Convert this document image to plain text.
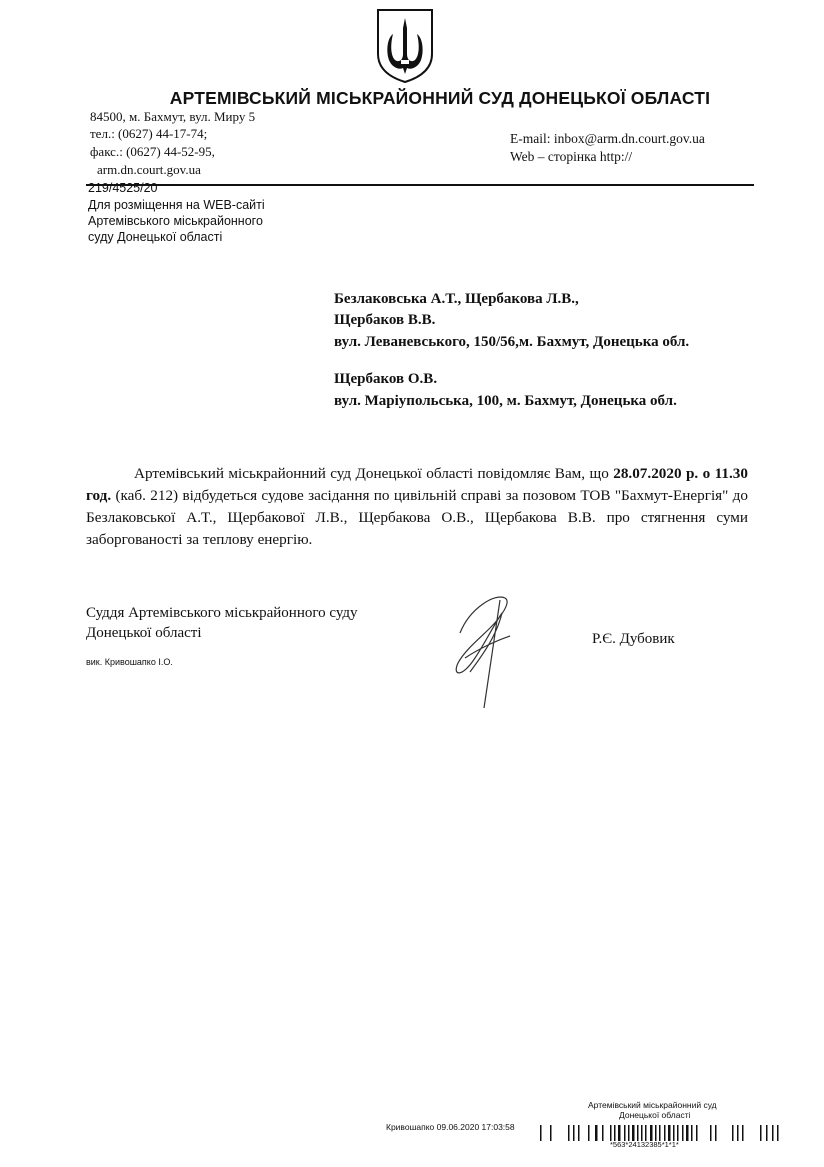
АРТЕМІВСЬКИЙ МІСЬКРАЙОННИЙ СУД ДОНЕЦЬКОЇ ОБЛАСТІ
84500, м. Бахмут, вул. Миру 5
тел.: (0627) 44-17-74;
факс.: (0627) 44-52-95,
arm.dn.court.gov.ua
E-mail: inbox@arm.dn.court.gov.ua
Web – сторінка http://
219/4525/20
Для розміщення на WEB-сайті
Артемівського міськрайонного
суду Донецької області
Безлаковська А.Т., Щербакова Л.В.,
Щербаков В.В.
вул. Леваневського, 150/56,м. Бахмут, Донецька обл.
Щербаков О.В.
вул. Маріупольська, 100, м. Бахмут, Донецька обл.

Артемівський міськрайонний суд Донецької області повідомляє Вам, що 28.07.2020 р. о 11.30 год. (каб. 212) відбудеться судове засідання по цивільній справі за позовом ТОВ "Бахмут-Енергія" до Безлаковської А.Т., Щербакової Л.В., Щербакова О.В., Щербакова В.В. про стягнення суми заборгованості за теплову енергію.

Суддя Артемівського міськрайонного суду
Донецької області
вик. Кривошапко І.О.
Р.Є. Дубовик
Артемівський міськрайонний суд
Донецької області
Кривошапко 09.06.2020 17:03:58
*563*24132385*1*1*
